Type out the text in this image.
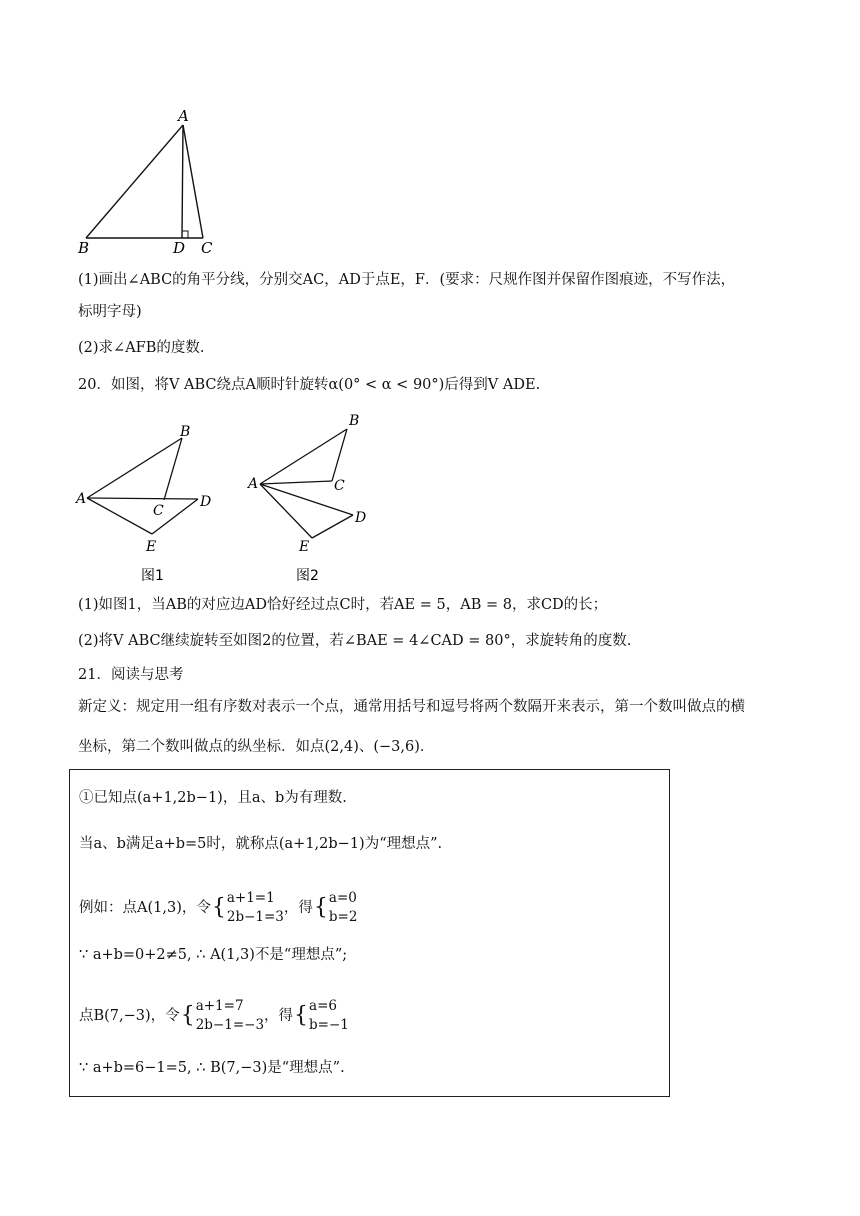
A
B	D C
(1)画出∠ABC的角平分线，分别交AC，AD于点E，F．(要求：尺规作图并保留作图痕迹，不写作法，
标明字母)
(2)求∠AFB的度数.
20．如图，将V ABC绕点A顺时针旋转α(0° < α < 90°)后得到V ADE.
B
A
C
D
E
图1
B
A	C
D
E
图2
(1)如图1，当AB的对应边AD恰好经过点C时，若AE = 5，AB = 8，求CD的长；
(2)将V ABC继续旋转至如图2的位置，若∠BAE = 4∠CAD = 80°，求旋转角的度数.
21．阅读与思考
新定义：规定用一组有序数对表示一个点，通常用括号和逗号将两个数隔开来表示，第一个数叫做点的横
坐标，第二个数叫做点的纵坐标．如点(2,4)、(−3,6)．
①已知点(a+1,2b−1)，且a、b为有理数.
当a、b满足a+b=5时，就称点(a+1,2b−1)为“理想点”.
例如：点A(1,3)，令{ a+1=1
2b−1=3
，得{ a=0
b=2
∵ a+b=0+2≠5, ∴ A(1,3)不是“理想点”;
点B(7,−3)，令{ a+1=7
2b−1=−3
，得{ a=6
b=−1
∵ a+b=6−1=5, ∴ B(7,−3)是“理想点”.
